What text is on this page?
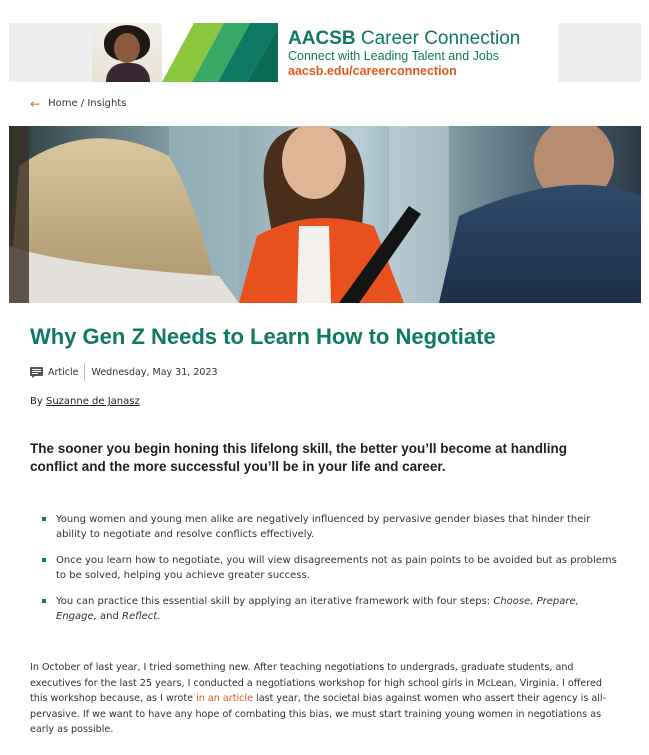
AACSB Career Connection
Connect with Leading Talent and Jobs
aacsb.edu/careerconnection
← Home / Insights
Why Gen Z Needs to Learn How to Negotiate
Article Wednesday, May 31, 2023
By Suzanne de Janasz

The sooner you begin honing this lifelong skill, the better you’ll become at handling conflict and the more successful you’ll be in your life and career.

Young women and young men alike are negatively influenced by pervasive gender biases that hinder their ability to negotiate and resolve conflicts effectively.
Once you learn how to negotiate, you will view disagreements not as pain points to be avoided but as problems to be solved, helping you achieve greater success.
You can practice this essential skill by applying an iterative framework with four steps: Choose, Prepare, Engage, and Reflect.

In October of last year, I tried something new. After teaching negotiations to undergrads, graduate students, and executives for the last 25 years, I conducted a negotiations workshop for high school girls in McLean, Virginia. I offered this workshop because, as I wrote in an article last year, the societal bias against women who assert their agency is all-pervasive. If we want to have any hope of combating this bias, we must start training young women in negotiations as early as possible.
